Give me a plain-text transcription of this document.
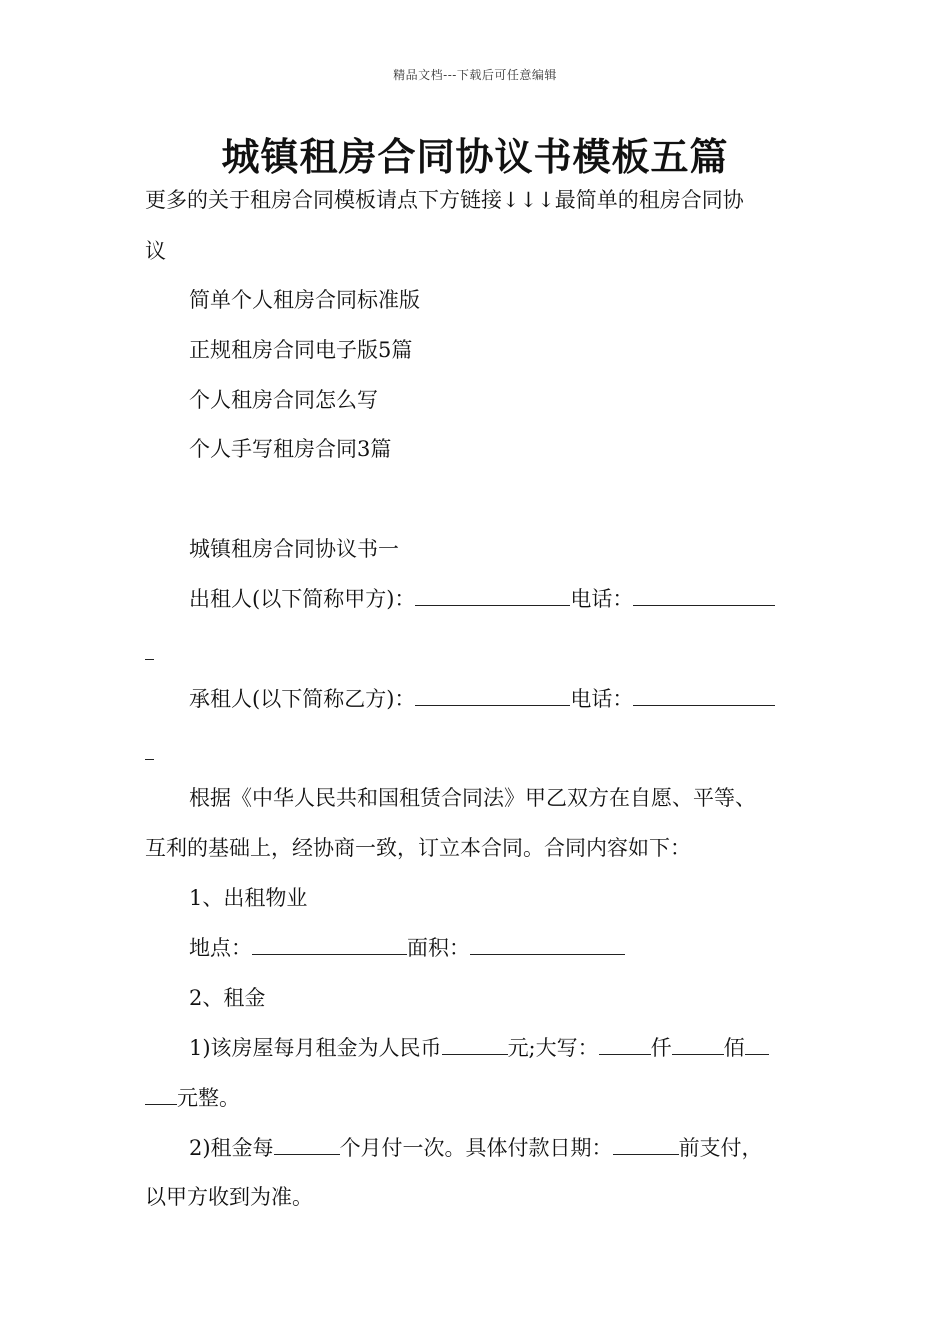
精品文档---下载后可任意编辑
城镇租房合同协议书模板五篇
更多的关于租房合同模板请点下方链接↓↓↓最简单的租房合同协
议
简单个人租房合同标准版
正规租房合同电子版5篇
个人租房合同怎么写
个人手写租房合同3篇
城镇租房合同协议书一
出租人(以下简称甲方)：	电话：
承租人(以下简称乙方)：	电话：
根据《中华人民共和国租赁合同法》甲乙双方在自愿、平等、
互利的基础上，经协商一致，订立本合同。合同内容如下：
1、出租物业
地点：	面积：
2、租金
1)该房屋每月租金为人民币	元;大写： 仟 佰
元整。
2)租金每	个月付一次。具体付款日期：	前支付，
以甲方收到为准。
